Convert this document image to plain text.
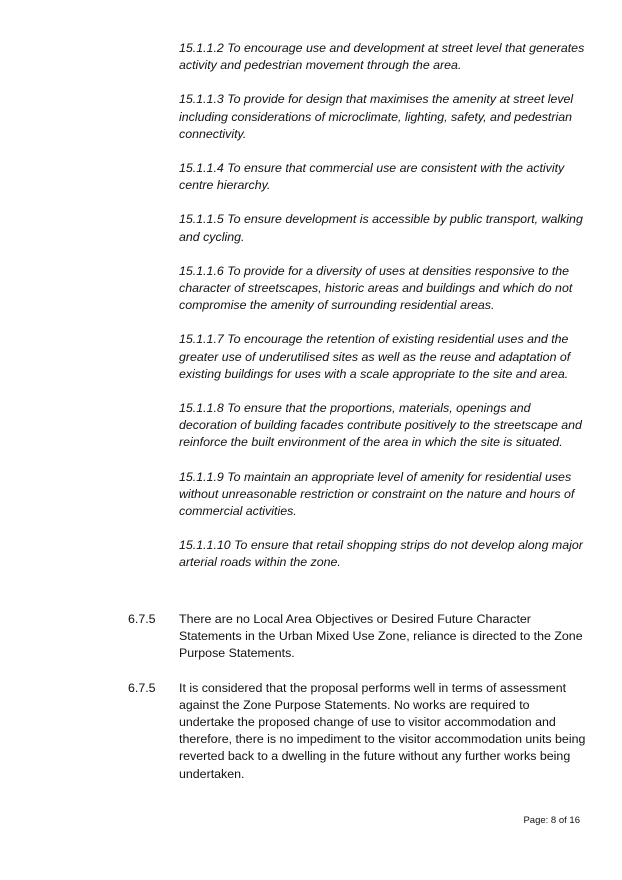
15.1.1.2 To encourage use and development at street level that generates activity and pedestrian movement through the area.

15.1.1.3 To provide for design that maximises the amenity at street level including considerations of microclimate, lighting, safety, and pedestrian connectivity.

15.1.1.4 To ensure that commercial use are consistent with the activity centre hierarchy.

15.1.1.5 To ensure development is accessible by public transport, walking and cycling.

15.1.1.6 To provide for a diversity of uses at densities responsive to the character of streetscapes, historic areas and buildings and which do not compromise the amenity of surrounding residential areas.

15.1.1.7 To encourage the retention of existing residential uses and the greater use of underutilised sites as well as the reuse and adaptation of existing buildings for uses with a scale appropriate to the site and area.

15.1.1.8 To ensure that the proportions, materials, openings and decoration of building facades contribute positively to the streetscape and reinforce the built environment of the area in which the site is situated.

15.1.1.9 To maintain an appropriate level of amenity for residential uses without unreasonable restriction or constraint on the nature and hours of commercial activities.

15.1.1.10 To ensure that retail shopping strips do not develop along major arterial roads within the zone.

6.7.5	There are no Local Area Objectives or Desired Future Character Statements in the Urban Mixed Use Zone, reliance is directed to the Zone Purpose Statements.
6.7.5	It is considered that the proposal performs well in terms of assessment against the Zone Purpose Statements. No works are required to undertake the proposed change of use to visitor accommodation and therefore, there is no impediment to the visitor accommodation units being reverted back to a dwelling in the future without any further works being undertaken.
Page: 8 of 16
